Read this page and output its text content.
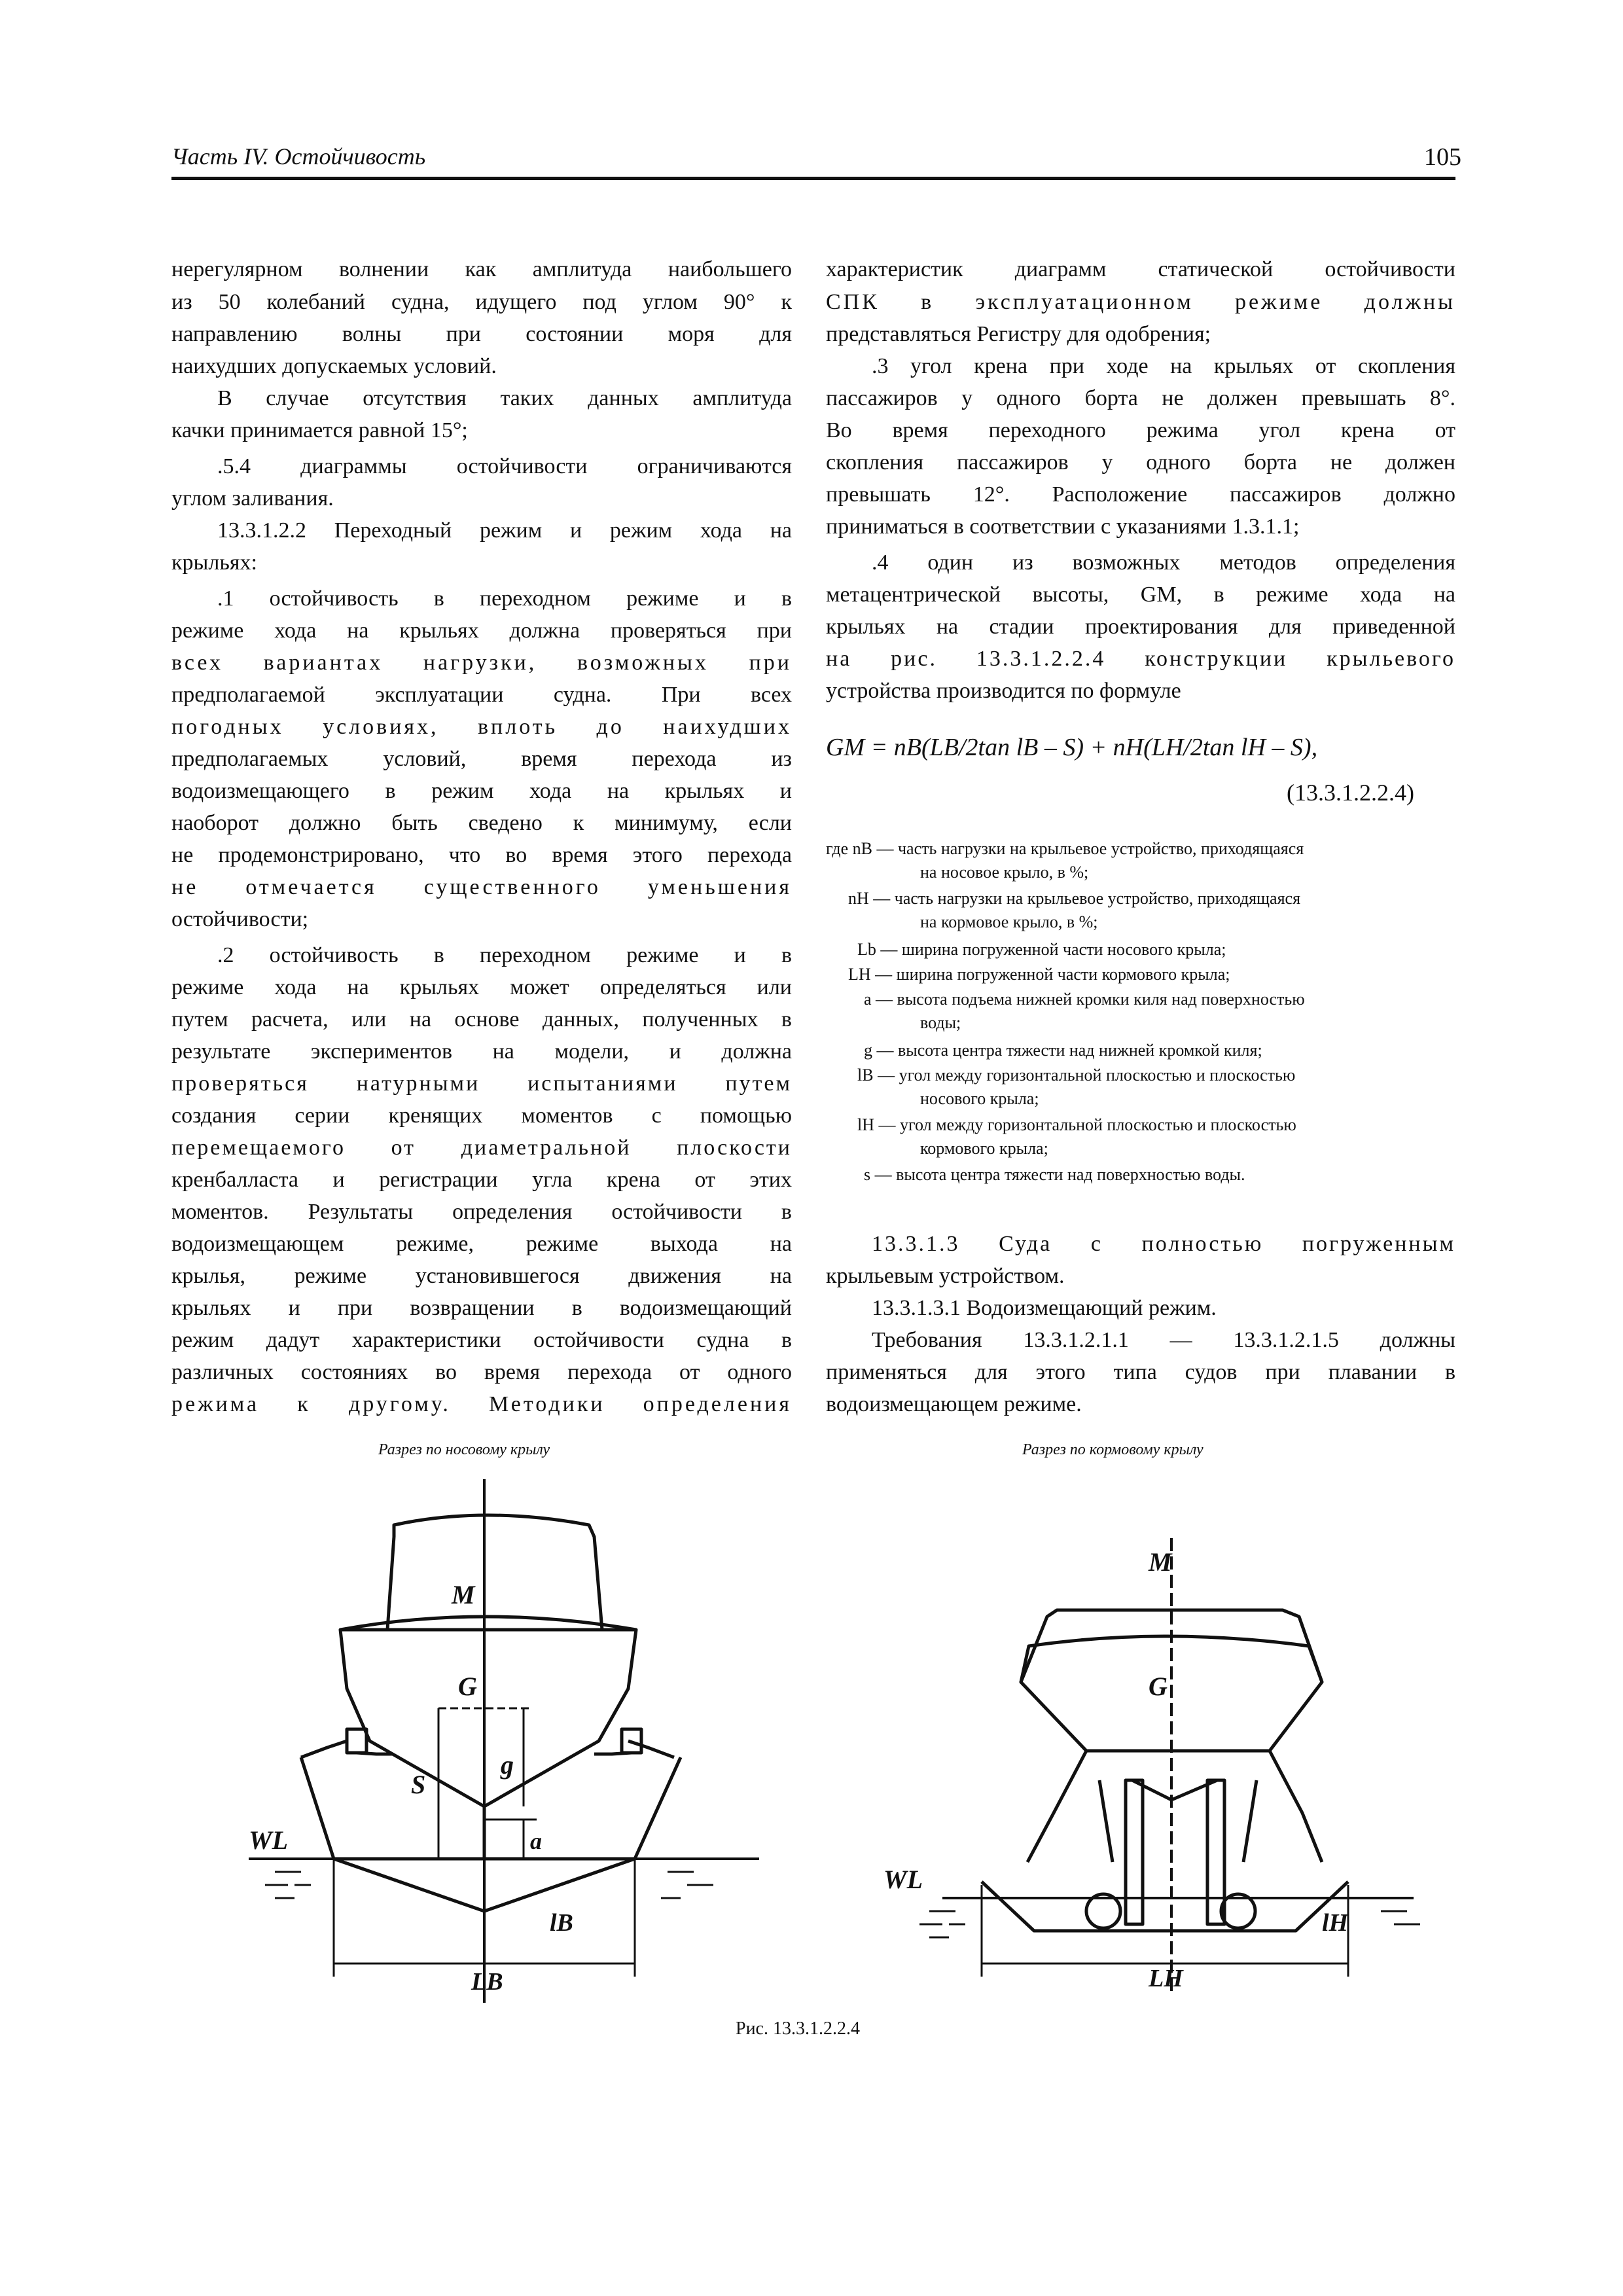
Часть IV. Остойчивость	105
нерегулярном волнении как амплитуда наибольшего
из 50 колебаний судна, идущего под углом 90° к
направлению волны при состоянии моря для
наихудших допускаемых условий.
В случае отсутствия таких данных амплитуда
качки принимается равной 15°;
.5.4 диаграммы остойчивости ограничиваются
углом заливания.
13.3.1.2.2 Переходный режим и режим хода на
крыльях:
.1 остойчивость в переходном режиме и в
режиме хода на крыльях должна проверяться при
всех вариантах нагрузки, возможных при
предполагаемой эксплуатации судна. При всех
погодных условиях, вплоть до наихудших
предполагаемых условий, время перехода из
водоизмещающего в режим хода на крыльях и
наоборот должно быть сведено к минимуму, если
не продемонстрировано, что во время этого перехода
не отмечается существенного уменьшения
остойчивости;
.2 остойчивость в переходном режиме и в
режиме хода на крыльях может определяться или
путем расчета, или на основе данных, полученных в
результате экспериментов на модели, и должна
проверяться натурными испытаниями путем
создания серии кренящих моментов с помощью
перемещаемого от диаметральной плоскости
кренбалласта и регистрации угла крена от этих
моментов. Результаты определения остойчивости в
водоизмещающем режиме, режиме выхода на
крылья, режиме установившегося движения на
крыльях и при возвращении в водоизмещающий
режим дадут характеристики остойчивости судна в
различных состояниях во время перехода от одного
режима к другому. Методики определения
характеристик диаграмм статической остойчивости
СПК в эксплуатационном режиме должны
представляться Регистру для одобрения;
.3 угол крена при ходе на крыльях от скопления
пассажиров у одного борта не должен превышать 8°.
Во время переходного режима угол крена от
скопления пассажиров у одного борта не должен
превышать 12°. Расположение пассажиров должно
приниматься в соответствии с указаниями 1.3.1.1;
.4 один из возможных методов определения
метацентрической высоты, GM, в режиме хода на
крыльях на стадии проектирования для приведенной
на рис. 13.3.1.2.2.4 конструкции крыльевого
устройства производится по формуле
GM = nB(LB/2tan lB – S) + nH(LH/2tan lH – S),
(13.3.1.2.2.4)
где nB — часть нагрузки на крыльевое устройство, приходящаяся
на носовое крыло, в %;
nH — часть нагрузки на крыльевое устройство, приходящаяся
на кормовое крыло, в %;
Lb — ширина погруженной части носового крыла;
LH — ширина погруженной части кормового крыла;
a — высота подъема нижней кромки киля над поверхностью
воды;
g — высота центра тяжести над нижней кромкой киля;
lB — угол между горизонтальной плоскостью и плоскостью
носового крыла;
lH — угол между горизонтальной плоскостью и плоскостью
кормового крыла;
s — высота центра тяжести над поверхностью воды.
13.3.1.3 Суда с полностью погруженным
крыльевым устройством.
13.3.1.3.1 Водоизмещающий режим.
Требования 13.3.1.2.1.1 — 13.3.1.2.1.5 должны
применяться для этого типа судов при плавании в
водоизмещающем режиме.
Разрез по носовому крылу	Разрез по кормовому крылу
M
G
S
g
a
WL
lB
LB
M
G
WL
lH
LH
Рис. 13.3.1.2.2.4
